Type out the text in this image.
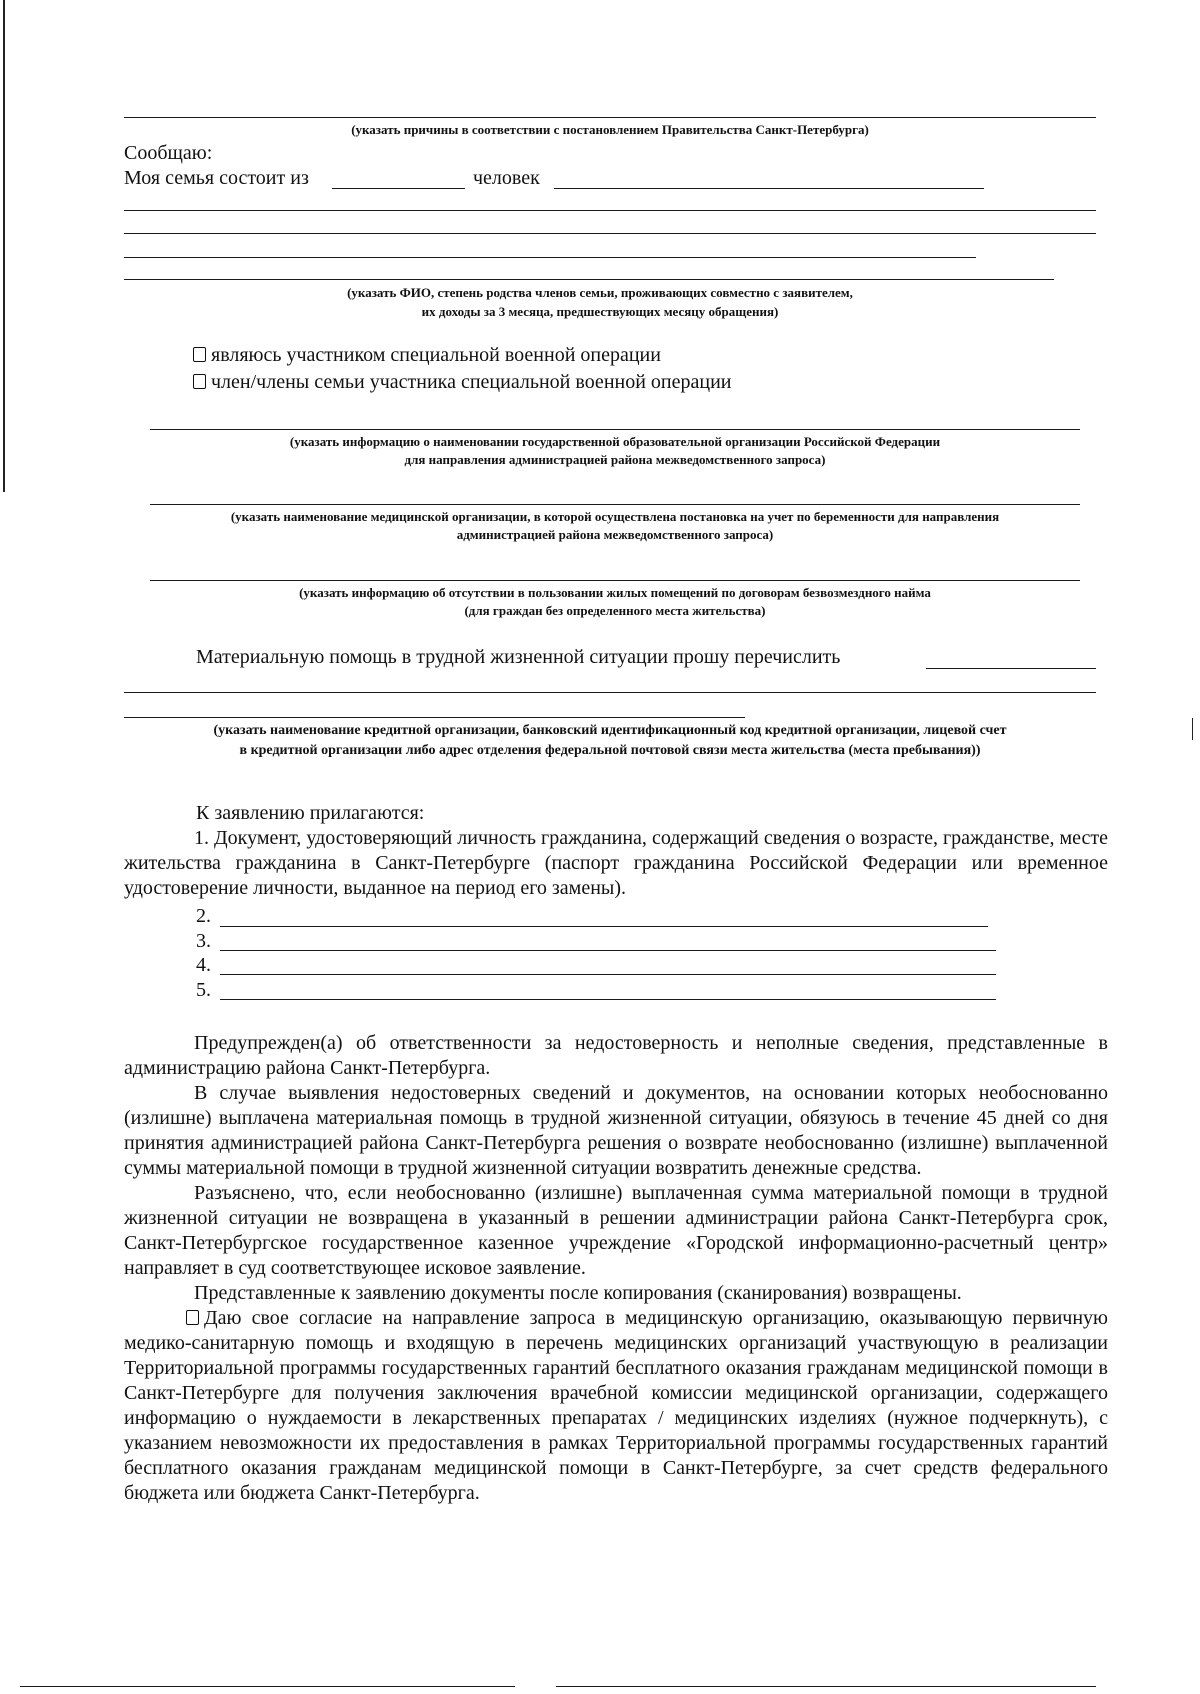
(указать причины в соответствии с постановлением Правительства Санкт-Петербурга)
Сообщаю:
Моя семья состоит из	человек
(указать ФИО, степень родства членов семьи, проживающих совместно с заявителем,
их доходы за 3 месяца, предшествующих месяцу обращения)
являюсь участником специальной военной операции
член/члены семьи участника специальной военной операции
(указать информацию о наименовании государственной образовательной организации Российской Федерации
для направления администрацией района межведомственного запроса)
(указать наименование медицинской организации, в которой осуществлена постановка на учет по беременности для направления
администрацией района межведомственного запроса)
(указать информацию об отсутствии в пользовании жилых помещений по договорам безвозмездного найма
(для граждан без определенного места жительства)
Материальную помощь в трудной жизненной ситуации прошу перечислить
(указать наименование кредитной организации, банковский идентификационный код кредитной организации, лицевой счет
в кредитной организации либо адрес отделения федеральной почтовой связи места жительства (места пребывания))
К заявлению прилагаются:

1. Документ, удостоверяющий личность гражданина, содержащий сведения о возрасте, гражданстве, месте жительства гражданина в Санкт-Петербурге (паспорт гражданина Российской Федерации или временное удостоверение личности, выданное на период его замены).

2.
3.
4.
5.

Предупрежден(а) об ответственности за недостоверность и неполные сведения, представленные в администрацию района Санкт-Петербурга.

В случае выявления недостоверных сведений и документов, на основании которых необоснованно (излишне) выплачена материальная помощь в трудной жизненной ситуации, обязуюсь в течение 45 дней со дня принятия администрацией района Санкт-Петербурга решения о возврате необоснованно (излишне) выплаченной суммы материальной помощи в трудной жизненной ситуации возвратить денежные средства.

Разъяснено, что, если необоснованно (излишне) выплаченная сумма материальной помощи в трудной жизненной ситуации не возвращена в указанный в решении администрации района Санкт-Петербурга срок, Санкт-Петербургское государственное казенное учреждение «Городской информационно-расчетный центр» направляет в суд соответствующее исковое заявление.

Представленные к заявлению документы после копирования (сканирования) возвращены.

Даю свое согласие на направление запроса в медицинскую организацию, оказывающую первичную медико-санитарную помощь и входящую в перечень медицинских организаций участвующую в реализации Территориальной программы государственных гарантий бесплатного оказания гражданам медицинской помощи в Санкт-Петербурге для получения заключения врачебной комиссии медицинской организации, содержащего информацию о нуждаемости в лекарственных препаратах / медицинских изделиях (нужное подчеркнуть), с указанием невозможности их предоставления в рамках Территориальной программы государственных гарантий бесплатного оказания гражданам медицинской помощи в Санкт-Петербурге, за счет средств федерального бюджета или бюджета Санкт-Петербурга.
